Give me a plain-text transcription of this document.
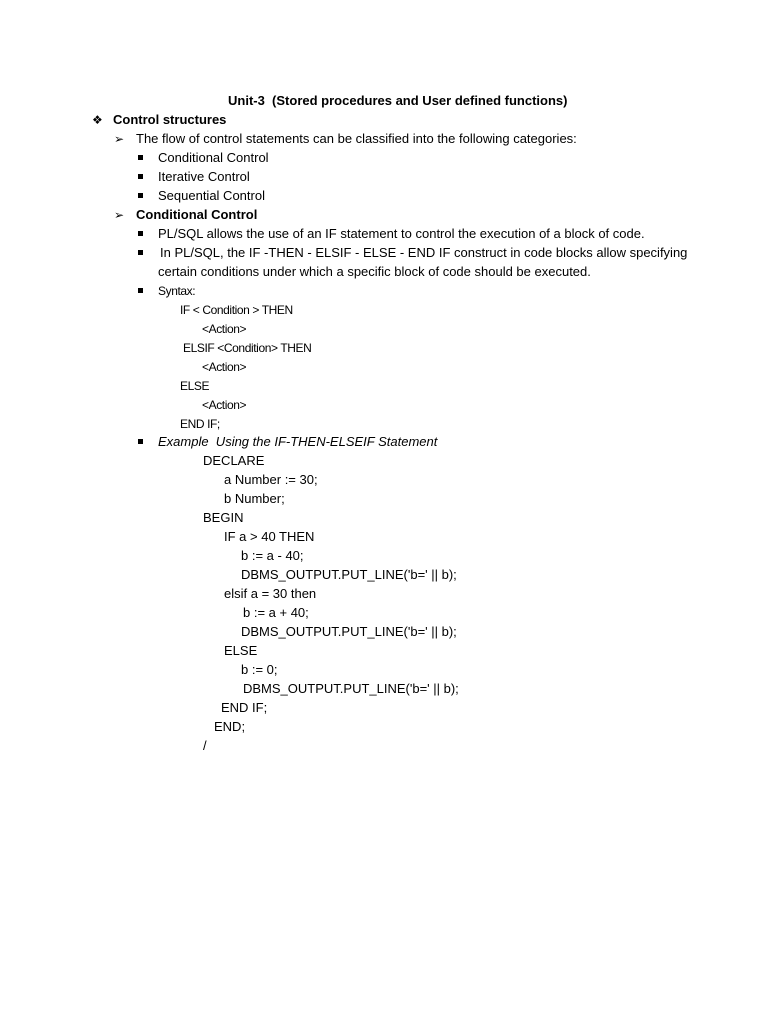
Unit-3  (Stored procedures and User defined functions)
❖ Control structures
➢ The flow of control statements can be classified into the following categories:
Conditional Control
Iterative Control
Sequential Control
➢ Conditional Control
PL/SQL allows the use of an IF statement to control the execution of a block of code.
In PL/SQL, the IF -THEN - ELSIF - ELSE - END IF construct in code blocks allow specifying
certain conditions under which a specific block of code should be executed.
Syntax:
IF < Condition > THEN
<Action>
ELSIF <Condition> THEN
<Action>
ELSE
<Action>
END IF;
Example  Using the IF-THEN-ELSEIF Statement
DECLARE
a Number := 30;
b Number;
BEGIN
IF a > 40 THEN
b := a - 40;
DBMS_OUTPUT.PUT_LINE('b=' || b);
elsif a = 30 then
b := a + 40;
DBMS_OUTPUT.PUT_LINE('b=' || b);
ELSE
b := 0;
DBMS_OUTPUT.PUT_LINE('b=' || b);
END IF;
END;
/
